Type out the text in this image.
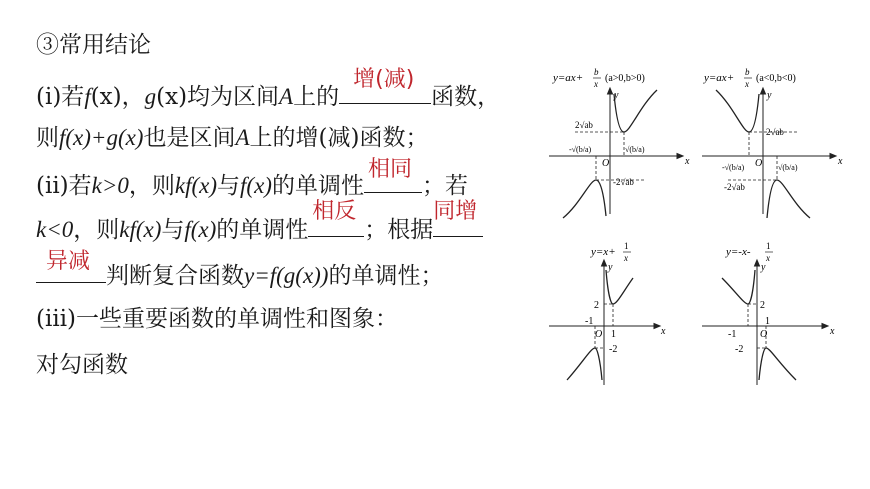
③常用结论
(ⅰ)若f(x)，g(x)均为区间A上的
增(减)
函数，
则f(x)+g(x)也是区间A上的增(减)函数；
(ⅱ)若k>0，则kf(x)与f(x)的单调性
相同
；若
k<0，则kf(x)与f(x)的单调性
相反
；根据
同增
异减
判断复合函数y=f(g(x))的单调性；
(ⅲ)一些重要函数的单调性和图象：
对勾函数
y=ax+ b
x (a>0,b>0)
y
x
O
2√ab
-2√ab
-√(b/a)	√(b/a)
y=ax+ b
x (a<0,b<0)
y
x
O
2√ab
-2√ab
-√(b/a)	√(b/a)
y=x+ 1
x
y
x
O
2
-2
-1
1
y=-x- 1
x
y
x
O
2
-2
-1
1
